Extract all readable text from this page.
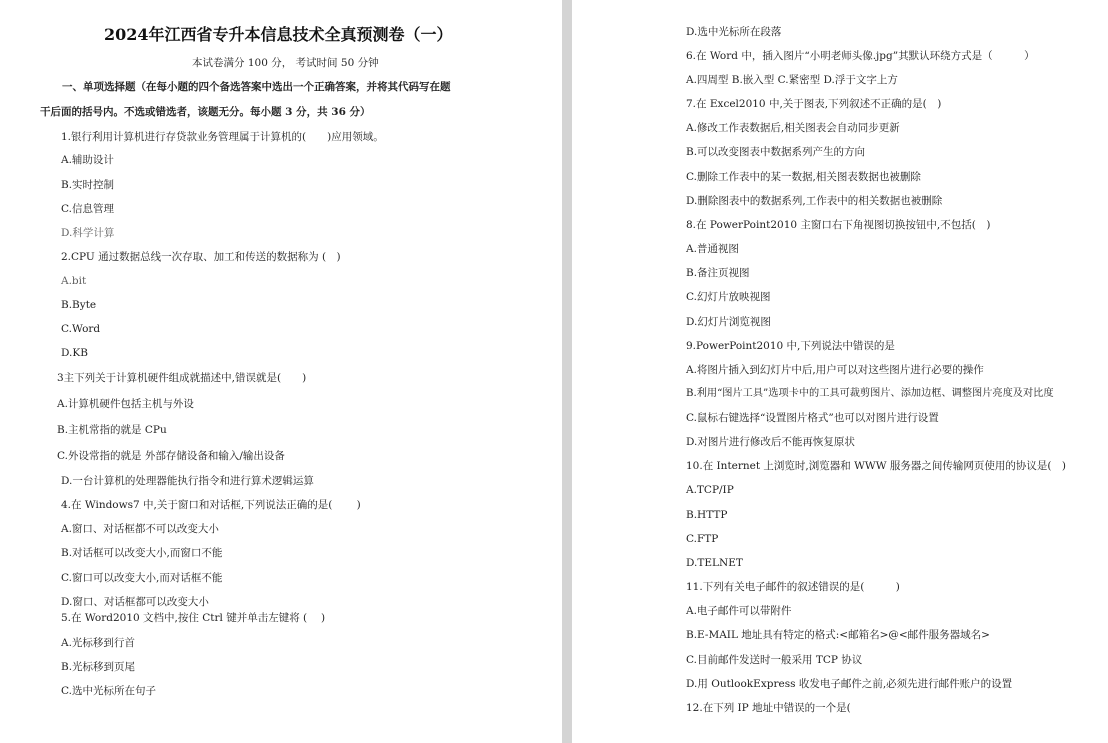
2024年江西省专升本信息技术全真预测卷（一）
本试卷满分 100 分， 考试时间 50 分钟
一、单项选择题（在每小题的四个备选答案中选出一个正确答案，并将其代码写在题
干后面的括号内。不选或错选者，该题无分。每小题 3 分，共 36 分）
1.银行利用计算机进行存贷款业务管理属于计算机的(　　)应用领域。
A.辅助设计
B.实时控制
C.信息管理
D.科学计算
2.CPU 通过数据总线一次存取、加工和传送的数据称为 (　)
A.bit
B.Byte
C.Word
D.KB
3主下列关于计算机硬件组成就描述中,错误就是(　　)
A.计算机硬件包括主机与外设
B.主机常指的就是 CPu
C.外设常指的就是 外部存储设备和输入/输出设备
D.一台计算机的处理器能执行指令和进行算术逻辑运算
4.在 Windows7 中,关于窗口和对话框,下列说法正确的是(　　 )
A.窗口、对话框都不可以改变大小
B.对话框可以改变大小,而窗口不能
C.窗口可以改变大小,而对话框不能
D.窗口、对话框都可以改变大小
5.在 Word2010 文档中,按住 Ctrl 键并单击左键将 (　 )
A.光标移到行首
B.光标移到页尾
C.选中光标所在句子
D.选中光标所在段落
6.在 Word 中，插入图片“小明老师头像.jpg”其默认环绕方式是（　　　）
A.四周型 B.嵌入型 C.紧密型 D.浮于文字上方
7.在 Excel2010 中,关于图表,下列叙述不正确的是(　)
A.修改工作表数据后,相关图表会自动同步更新
B.可以改变图表中数据系列产生的方向
C.删除工作表中的某一数据,相关图表数据也被删除
D.删除图表中的数据系列,工作表中的相关数据也被删除
8.在 PowerPoint2010 主窗口右下角视图切换按钮中,不包括(　)
A.普通视图
B.备注页视图
C.幻灯片放映视图
D.幻灯片浏览视图
9.PowerPoint2010 中,下列说法中错误的是
A.将图片插入到幻灯片中后,用户可以对这些图片进行必要的操作
B.利用“图片工具”选项卡中的工具可裁剪图片、添加边框、调整图片亮度及对比度
C.鼠标右键选择“设置图片格式”也可以对图片进行设置
D.对图片进行修改后不能再恢复原状
10.在 Internet 上浏览时,浏览器和 WWW 服务器之间传输网页使用的协议是(　)
A.TCP/IP
B.HTTP
C.FTP
D.TELNET
11.下列有关电子邮件的叙述错误的是(　　　)
A.电子邮件可以带附件
B.E-MAIL 地址具有特定的格式:<邮箱名>@<邮件服务器域名>
C.目前邮件发送时一般采用 TCP 协议
D.用 OutlookExpress 收发电子邮件之前,必须先进行邮件账户的设置
12.在下列 IP 地址中错误的一个是(
